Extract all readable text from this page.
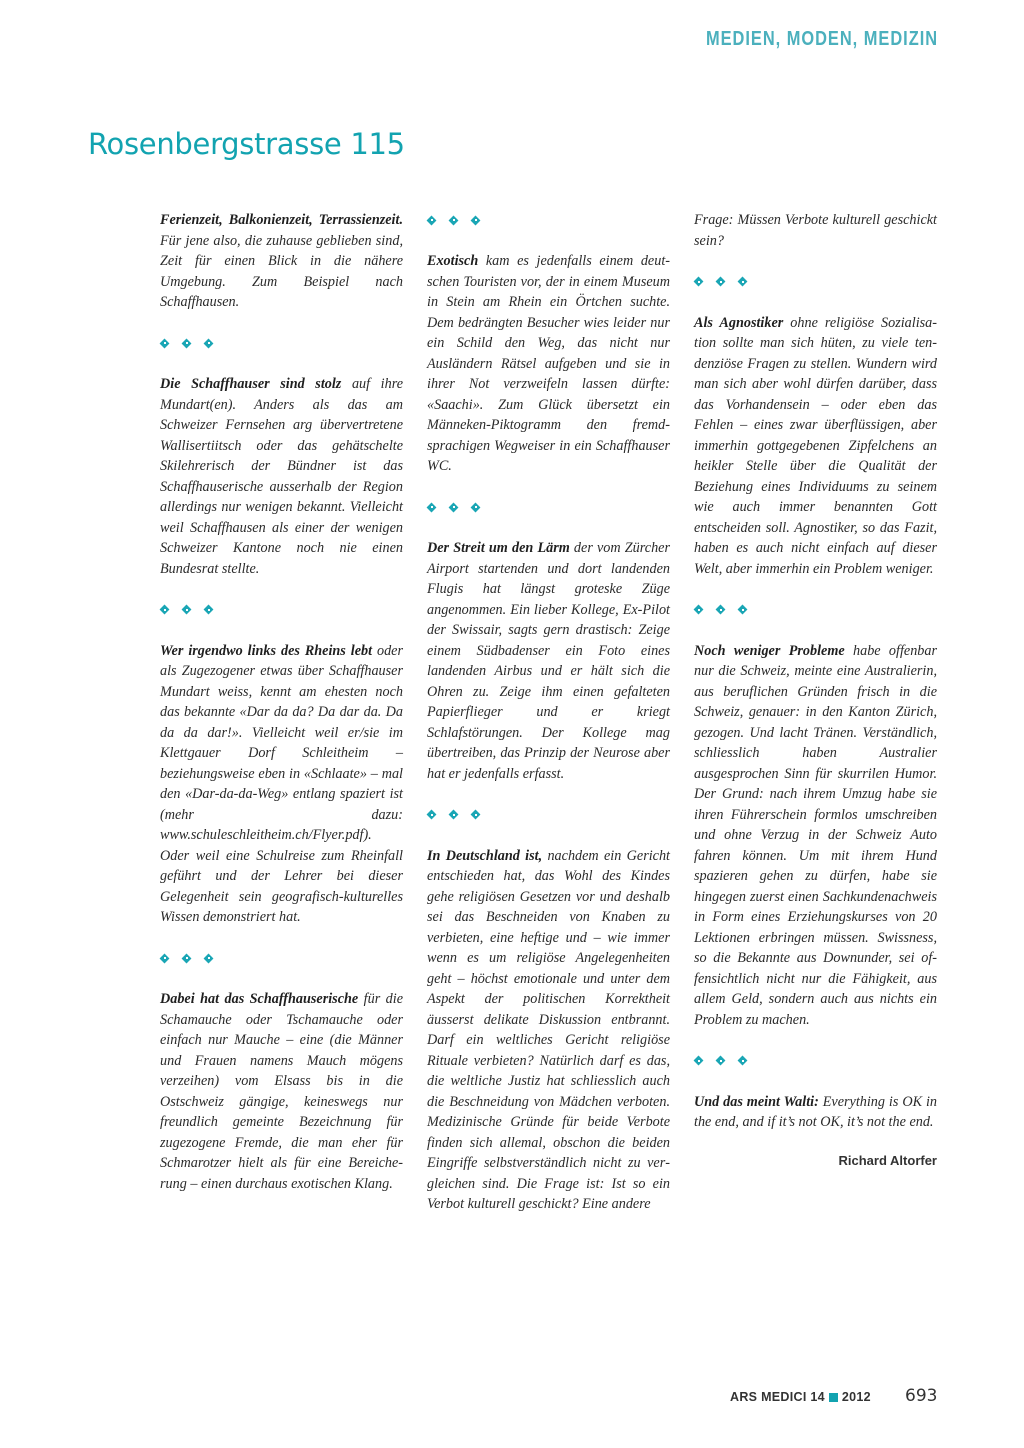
MEDIEN, MODEN, MEDIZIN
Rosenbergstrasse 115

Ferienzeit, Balkonienzeit, Terrassienzeit. Für jene also, die zuhause geblieben sind, Zeit für einen Blick in die nähere Umgebung. Zum Beispiel nach Schaffhausen.

Die Schaffhauser sind stolz auf ihre Mundart(en). Anders als das am Schweizer Fernsehen arg übervertretene Wallisertiitsch oder das gehätschelte Skilehrerisch der Bündner ist das Schaffhauserische ausserhalb der Region allerdings nur wenigen bekannt. Vielleicht weil Schaffhausen als einer der wenigen Schweizer Kantone noch nie einen Bundesrat stellte.

Wer irgendwo links des Rheins lebt oder als Zugezogener etwas über Schaffhauser Mundart weiss, kennt am ehesten noch das bekannte «Dar da da? Da dar da. Da da da dar!». Vielleicht weil er/sie im Klettgauer Dorf Schleitheim – beziehungsweise eben in «Schlaate» – mal den «Dar-da-da-Weg» entlang spaziert ist (mehr dazu: www.schuleschleitheim.ch/Flyer.pdf). Oder weil eine Schulreise zum Rheinfall geführt und der Lehrer bei dieser Gelegenheit sein geografisch-kulturelles Wissen demonstriert hat.

Dabei hat das Schaffhauserische für die Schamauche oder Tschamauche oder einfach nur Mauche – eine (die Männer und Frauen namens Mauch mögens verzeihen) vom Elsass bis in die Ostschweiz gängige, keineswegs nur freundlich gemeinte Bezeichnung für zugezogene Fremde, die man eher für Schmarotzer hielt als für eine Bereicherung – einen durchaus exotischen Klang.

Exotisch kam es jedenfalls einem deutschen Touristen vor, der in einem Museum in Stein am Rhein ein Örtchen suchte. Dem bedrängten Besucher wies leider nur ein Schild den Weg, das nicht nur Ausländern Rätsel aufgeben und sie in ihrer Not verzweifeln lassen dürfte: «Saachi». Zum Glück übersetzt ein Männeken-Piktogramm den fremdsprachigen Wegweiser in ein Schaffhauser WC.

Der Streit um den Lärm der vom Zürcher Airport startenden und dort landenden Flugis hat längst groteske Züge angenommen. Ein lieber Kollege, Ex-Pilot der Swissair, sagts gern drastisch: Zeige einem Südbadenser ein Foto eines landenden Airbus und er hält sich die Ohren zu. Zeige ihm einen gefalteten Papierflieger und er kriegt Schlafstörungen. Der Kollege mag übertreiben, das Prinzip der Neurose aber hat er jedenfalls erfasst.

In Deutschland ist, nachdem ein Gericht entschieden hat, das Wohl des Kindes gehe religiösen Gesetzen vor und deshalb sei das Beschneiden von Knaben zu verbieten, eine heftige und – wie immer wenn es um religiöse Angelegenheiten geht – höchst emotionale und unter dem Aspekt der politischen Korrektheit äusserst delikate Diskussion entbrannt. Darf ein weltliches Gericht religiöse Rituale verbieten? Natürlich darf es das, die weltliche Justiz hat schliesslich auch die Beschneidung von Mädchen verboten. Medizinische Gründe für beide Verbote finden sich allemal, obschon die beiden Eingriffe selbstverständlich nicht zu vergleichen sind. Die Frage ist: Ist so ein Verbot kulturell geschickt? Eine andere

Frage: Müssen Verbote kulturell geschickt sein?

Als Agnostiker ohne religiöse Sozialisation sollte man sich hüten, zu viele tendenziöse Fragen zu stellen. Wundern wird man sich aber wohl dürfen darüber, dass das Vorhandensein – oder eben das Fehlen – eines zwar überflüssigen, aber immerhin gottgegebenen Zipfelchens an heikler Stelle über die Qualität der Beziehung eines Individuums zu seinem wie auch immer benannten Gott entscheiden soll. Agnostiker, so das Fazit, haben es auch nicht einfach auf dieser Welt, aber immerhin ein Problem weniger.

Noch weniger Probleme habe offenbar nur die Schweiz, meinte eine Australierin, aus beruflichen Gründen frisch in die Schweiz, genauer: in den Kanton Zürich, gezogen. Und lacht Tränen. Verständlich, schliesslich haben Australier ausgesprochen Sinn für skurrilen Humor. Der Grund: nach ihrem Umzug habe sie ihren Führerschein formlos umschreiben und ohne Verzug in der Schweiz Auto fahren können. Um mit ihrem Hund spazieren gehen zu dürfen, habe sie hingegen zuerst einen Sachkundenachweis in Form eines Erziehungskurses von 20 Lektionen erbringen müssen. Swissness, so die Bekannte aus Downunder, sei offensichtlich nicht nur die Fähigkeit, aus allem Geld, sondern auch aus nichts ein Problem zu machen.

Und das meint Walti: Everything is OK in the end, and if it’s not OK, it’s not the end.

Richard Altorfer
ARS MEDICI 14 2012 693
